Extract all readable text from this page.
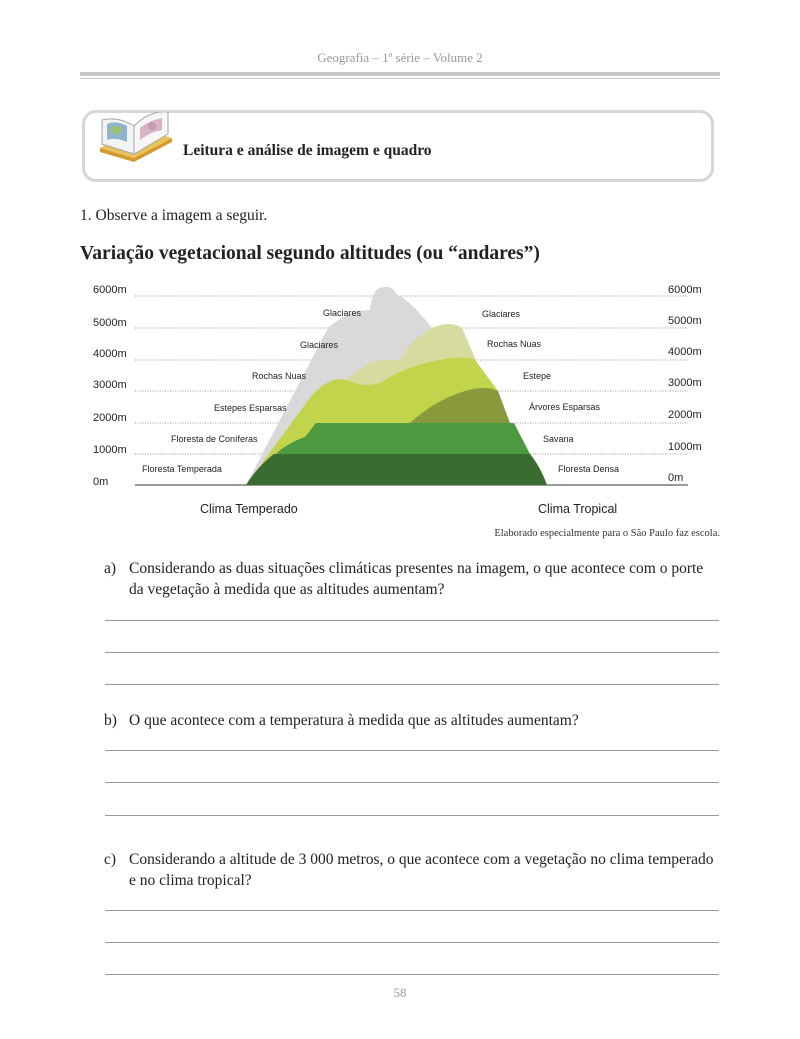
Geografia – 1ª série – Volume 2
Leitura e análise de imagem e quadro
1. Observe a imagem a seguir.
Variação vegetacional segundo altitudes (ou “andares”)
6000m
5000m
4000m
3000m
2000m
1000m
0m
6000m
5000m
4000m
3000m
2000m
1000m
0m
Glaciares
Glaciares
Rochas Nuas
Estepes Esparsas
Floresta de Coníferas
Floresta Temperada
Glaciares
Rochas Nuas
Estepe
Árvores Esparsas
Savana
Floresta Densa
Clima Temperado	Clima Tropical
Elaborado especialmente para o São Paulo faz escola.
a) Considerando as duas situações climáticas presentes na imagem, o que acontece com o porte da vegetação à medida que as altitudes aumentam?
b) O que acontece com a temperatura à medida que as altitudes aumentam?
c) Considerando a altitude de 3 000 metros, o que acontece com a vegetação no clima temperado e no clima tropical?
58
